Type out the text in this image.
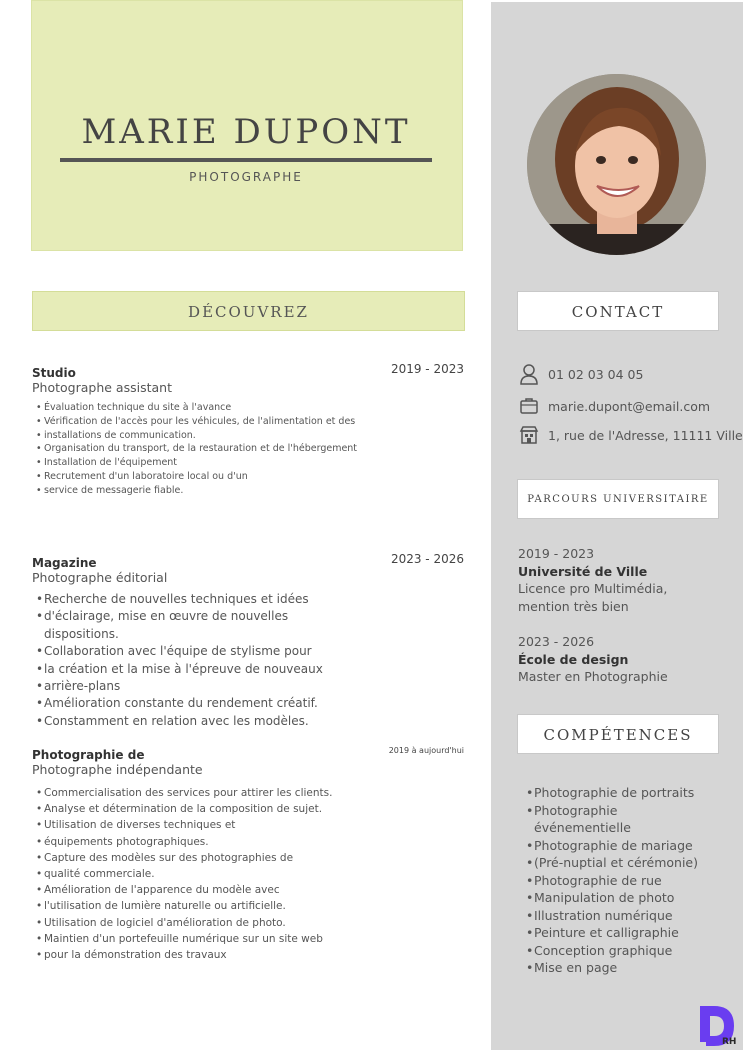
MARIE DUPONT
PHOTOGRAPHE
DÉCOUVREZ
Studio	2019 - 2023
Photographe assistant
• Évaluation technique du site à l'avance
• Vérification de l'accès pour les véhicules, de l'alimentation et des
• installations de communication.
• Organisation du transport, de la restauration et de l'hébergement
• Installation de l'équipement
• Recrutement d'un laboratoire local ou d'un
• service de messagerie fiable.
Magazine	2023 - 2026
Photographe éditorial
• Recherche de nouvelles techniques et idées
• d'éclairage, mise en œuvre de nouvelles dispositions.
• Collaboration avec l'équipe de stylisme pour
• la création et la mise à l'épreuve de nouveaux
• arrière-plans
• Amélioration constante du rendement créatif.
• Constamment en relation avec les modèles.
Photographie de	2019 à aujourd'hui
Photographe indépendante
• Commercialisation des services pour attirer les clients.
• Analyse et détermination de la composition de sujet.
• Utilisation de diverses techniques et
• équipements photographiques.
• Capture des modèles sur des photographies de
• qualité commerciale.
• Amélioration de l'apparence du modèle avec
• l'utilisation de lumière naturelle ou artificielle.
• Utilisation de logiciel d'amélioration de photo.
• Maintien d'un portefeuille numérique sur un site web
• pour la démonstration des travaux
CONTACT
01 02 03 04 05
marie.dupont@email.com
1, rue de l'Adresse, 11111 Ville
PARCOURS UNIVERSITAIRE
2019 - 2023
Université de Ville
Licence pro Multimédia, mention très bien
2023 - 2026
École de design
Master en Photographie
COMPÉTENCES
• Photographie de portraits
• Photographie événementielle
• Photographie de mariage
• (Pré-nuptial et cérémonie)
• Photographie de rue
• Manipulation de photo
• Illustration numérique
• Peinture et calligraphie
• Conception graphique
• Mise en page
RH
